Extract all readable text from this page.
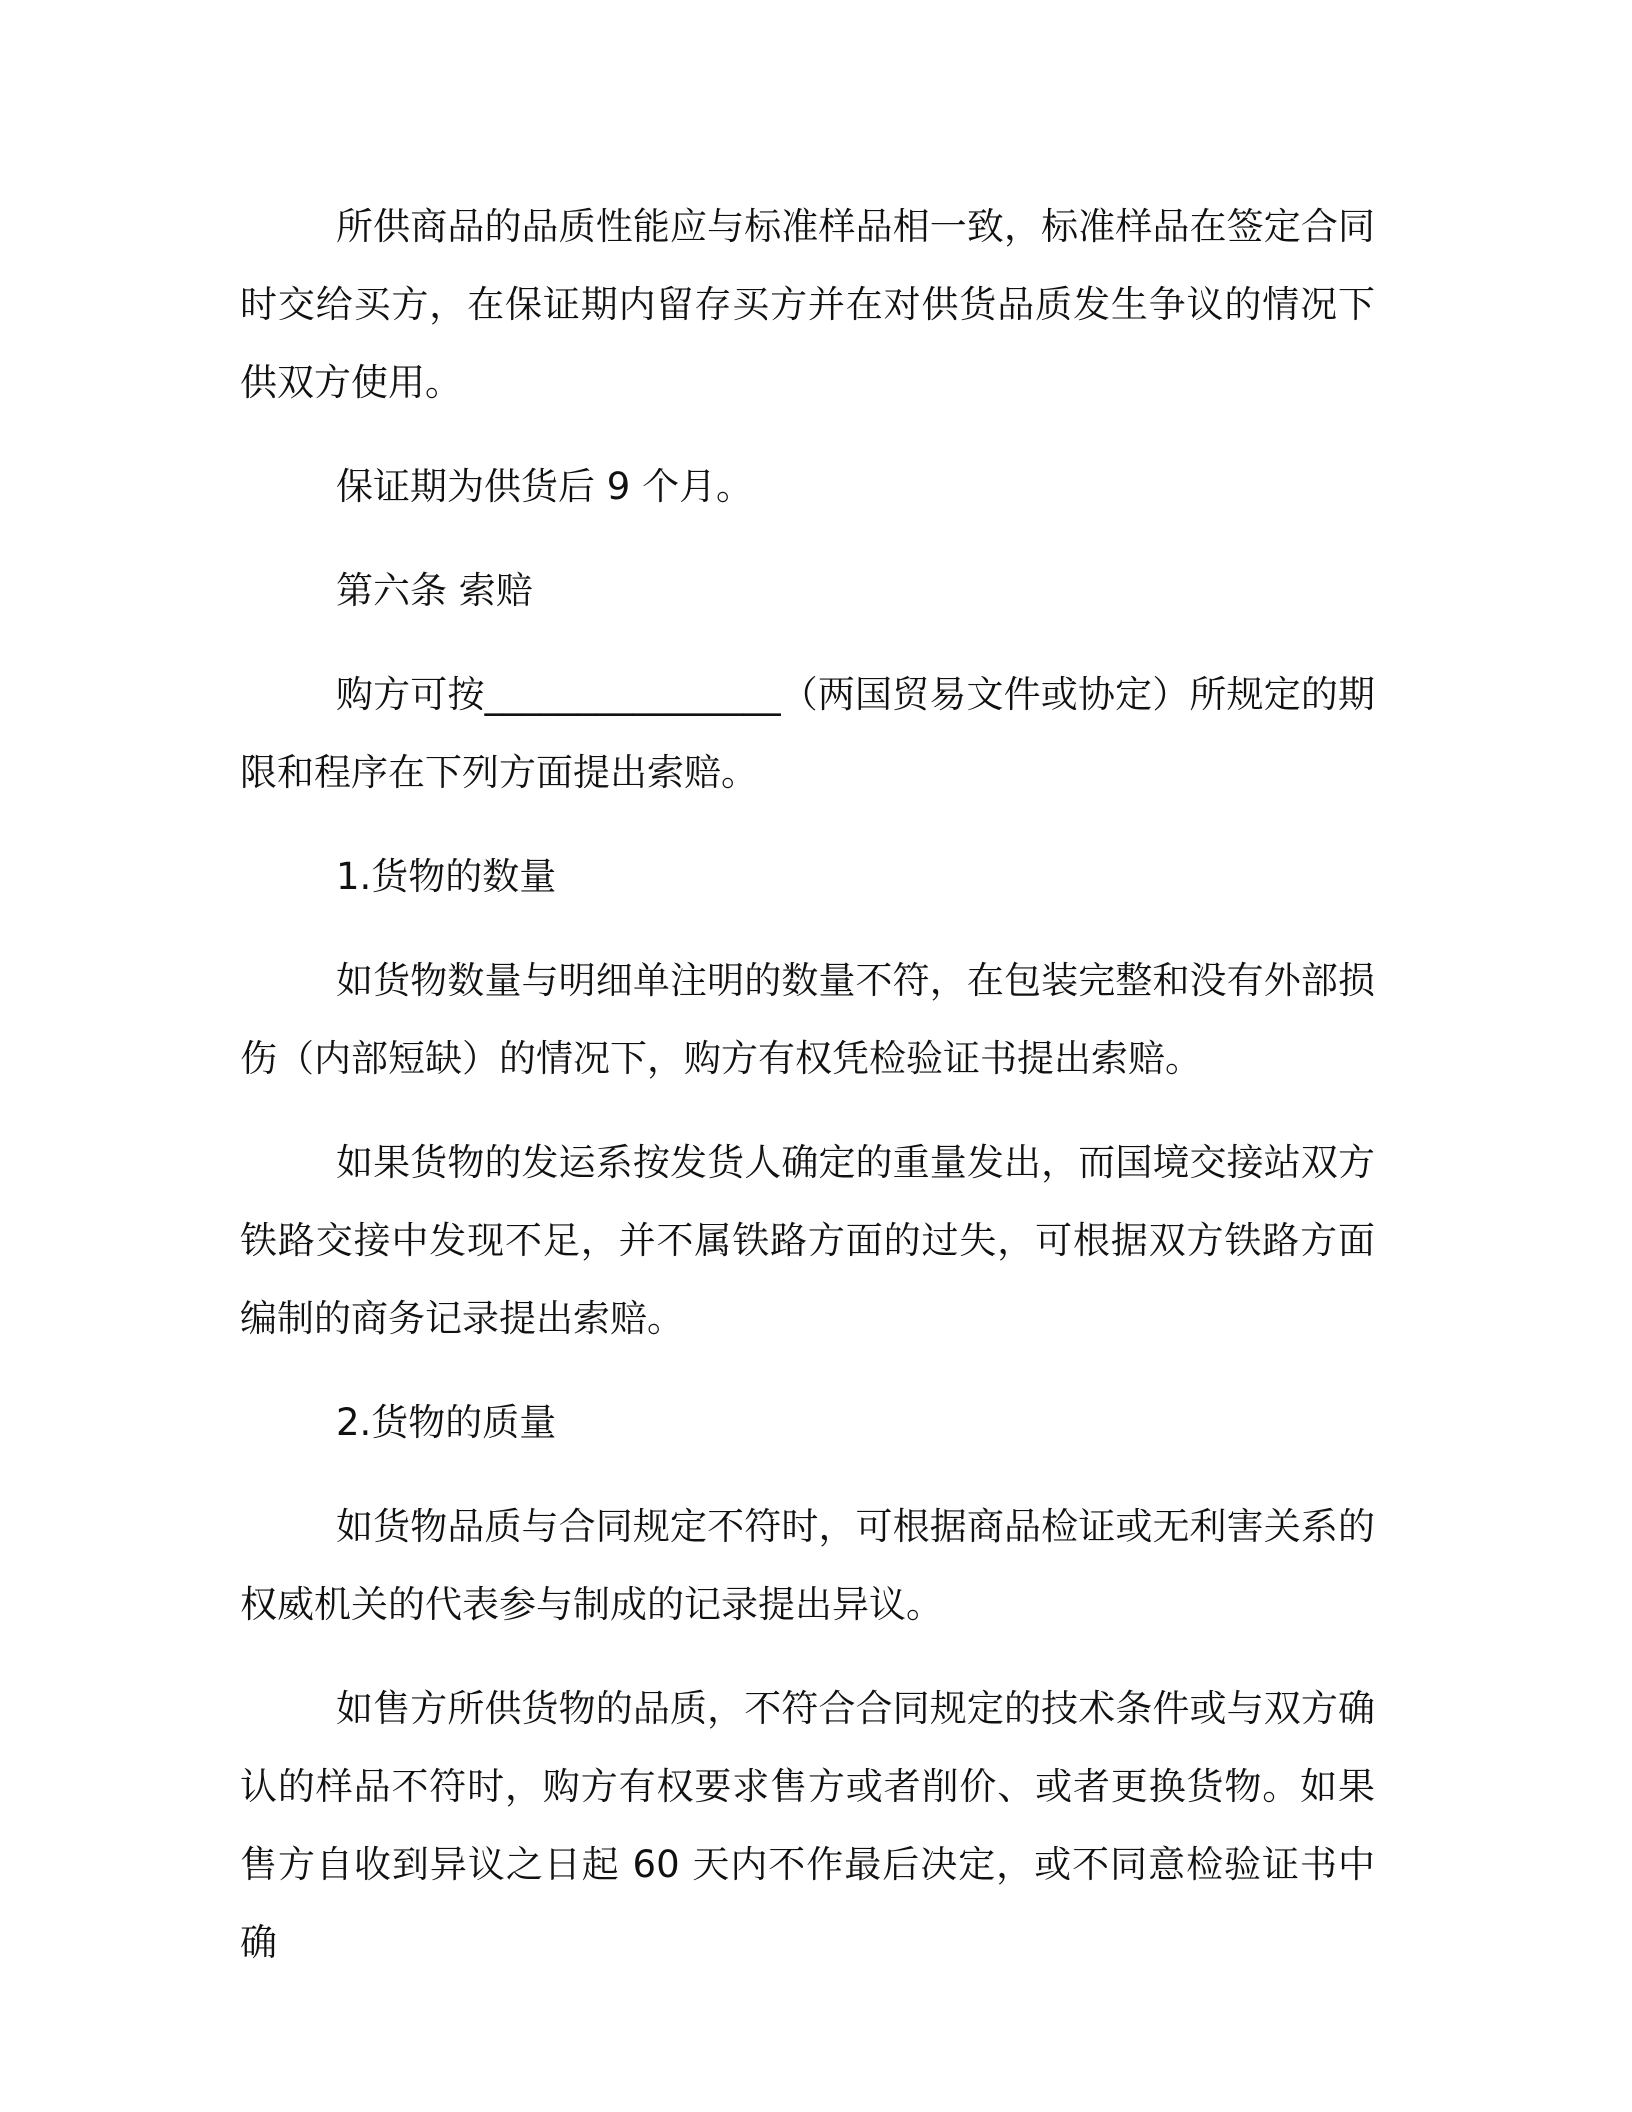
所供商品的品质性能应与标准样品相一致，标准样品在签定合同时交给买方，在保证期内留存买方并在对供货品质发生争议的情况下供双方使用。

保证期为供货后 9 个月。

第六条 索赔

购方可按________________（两国贸易文件或协定）所规定的期限和程序在下列方面提出索赔。

1.货物的数量

如货物数量与明细单注明的数量不符，在包装完整和没有外部损伤（内部短缺）的情况下，购方有权凭检验证书提出索赔。

如果货物的发运系按发货人确定的重量发出，而国境交接站双方铁路交接中发现不足，并不属铁路方面的过失，可根据双方铁路方面编制的商务记录提出索赔。

2.货物的质量

如货物品质与合同规定不符时，可根据商品检证或无利害关系的权威机关的代表参与制成的记录提出异议。

如售方所供货物的品质，不符合合同规定的技术条件或与双方确认的样品不符时，购方有权要求售方或者削价、或者更换货物。如果售方自收到异议之日起 60 天内不作最后决定，或不同意检验证书中确
